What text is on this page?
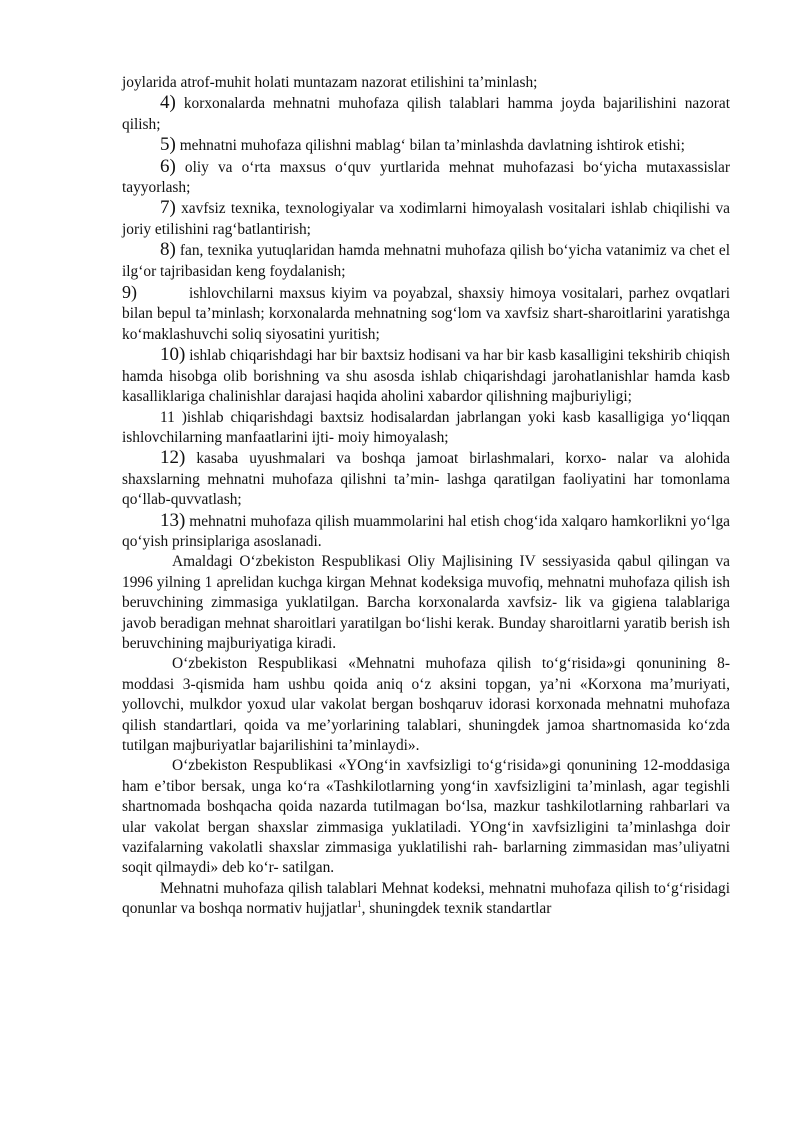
joylarida atrof-muhit holati muntazam nazorat etilishini ta’minlash;

4) korxonalarda mehnatni muhofaza qilish talablari hamma joyda bajarilishini nazorat qilish;

5) mehnatni muhofaza qilishni mablag‘ bilan ta’minlashda davlatning ishtirok etishi;

6) oliy va o‘rta maxsus o‘quv yurtlarida mehnat muhofazasi bo‘yicha mutaxassislar tayyorlash;

7) xavfsiz texnika, texnologiyalar va xodimlarni himoyalash vositalari ishlab chiqilishi va joriy etilishini rag‘batlantirish;

8) fan, texnika yutuqlaridan hamda mehnatni muhofaza qilish bo‘yicha vatanimiz va chet el ilg‘or tajribasidan keng foydalanish;

9)	ishlovchilarni maxsus kiyim va poyabzal, shaxsiy himoya vositalari, parhez ovqatlari bilan bepul ta’minlash; korxonalarda mehnatning sog‘lom va xavfsiz shart-sharoitlarini yaratishga ko‘maklashuvchi soliq siyosatini yuritish;

10) ishlab chiqarishdagi har bir baxtsiz hodisani va har bir kasb kasalligini tekshirib chiqish hamda hisobga olib borishning va shu asosda ishlab chiqarishdagi jarohatlanishlar hamda kasb kasalliklariga chalinishlar darajasi haqida aholini xabardor qilishning majburiyligi;

11 )ishlab chiqarishdagi baxtsiz hodisalardan jabrlangan yoki kasb kasalligiga yo‘liqqan ishlovchilarning manfaatlarini ijti- moiy himoyalash;

12) kasaba uyushmalari va boshqa jamoat birlashmalari, korxo- nalar va alohida shaxslarning mehnatni muhofaza qilishni ta’min- lashga qaratilgan faoliyatini har tomonlama qo‘llab-quvvatlash;

13) mehnatni muhofaza qilish muammolarini hal etish chog‘ida xalqaro hamkorlikni yo‘lga qo‘yish prinsiplariga asoslanadi.

Amaldagi O‘zbekiston Respublikasi Oliy Majlisining IV sessiyasida qabul qilingan va 1996 yilning 1 aprelidan kuchga kirgan Mehnat kodeksiga muvofiq, mehnatni muhofaza qilish ish beruvchining zimmasiga yuklatilgan. Barcha korxonalarda xavfsiz- lik va gigiena talablariga javob beradigan mehnat sharoitlari yaratilgan bo‘lishi kerak. Bunday sharoitlarni yaratib berish ish beruvchining majburiyatiga kiradi.

O‘zbekiston Respublikasi «Mehnatni muhofaza qilish to‘g‘risida»gi qonunining 8-moddasi 3-qismida ham ushbu qoida aniq o‘z aksini topgan, ya’ni «Korxona ma’muriyati, yollovchi, mulkdor yoxud ular vakolat bergan boshqaruv idorasi korxonada mehnatni muhofaza qilish standartlari, qoida va me’yorlarining talablari, shuningdek jamoa shartnomasida ko‘zda tutilgan majburiyatlar bajarilishini ta’minlaydi».

O‘zbekiston Respublikasi «YOng‘in xavfsizligi to‘g‘risida»gi qonunining 12-moddasiga ham e’tibor bersak, unga ko‘ra «Tashkilotlarning yong‘in xavfsizligini ta’minlash, agar tegishli shartnomada boshqacha qoida nazarda tutilmagan bo‘lsa, mazkur tashkilotlarning rahbarlari va ular vakolat bergan shaxslar zimmasiga yuklatiladi. YOng‘in xavfsizligini ta’minlashga doir vazifalarning vakolatli shaxslar zimmasiga yuklatilishi rah- barlarning zimmasidan mas’uliyatni soqit qilmaydi» deb ko‘r- satilgan.

Mehnatni muhofaza qilish talablari Mehnat kodeksi, mehnatni muhofaza qilish to‘g‘risidagi qonunlar va boshqa normativ hujjatlar$^1$, shuningdek texnik standartlar
